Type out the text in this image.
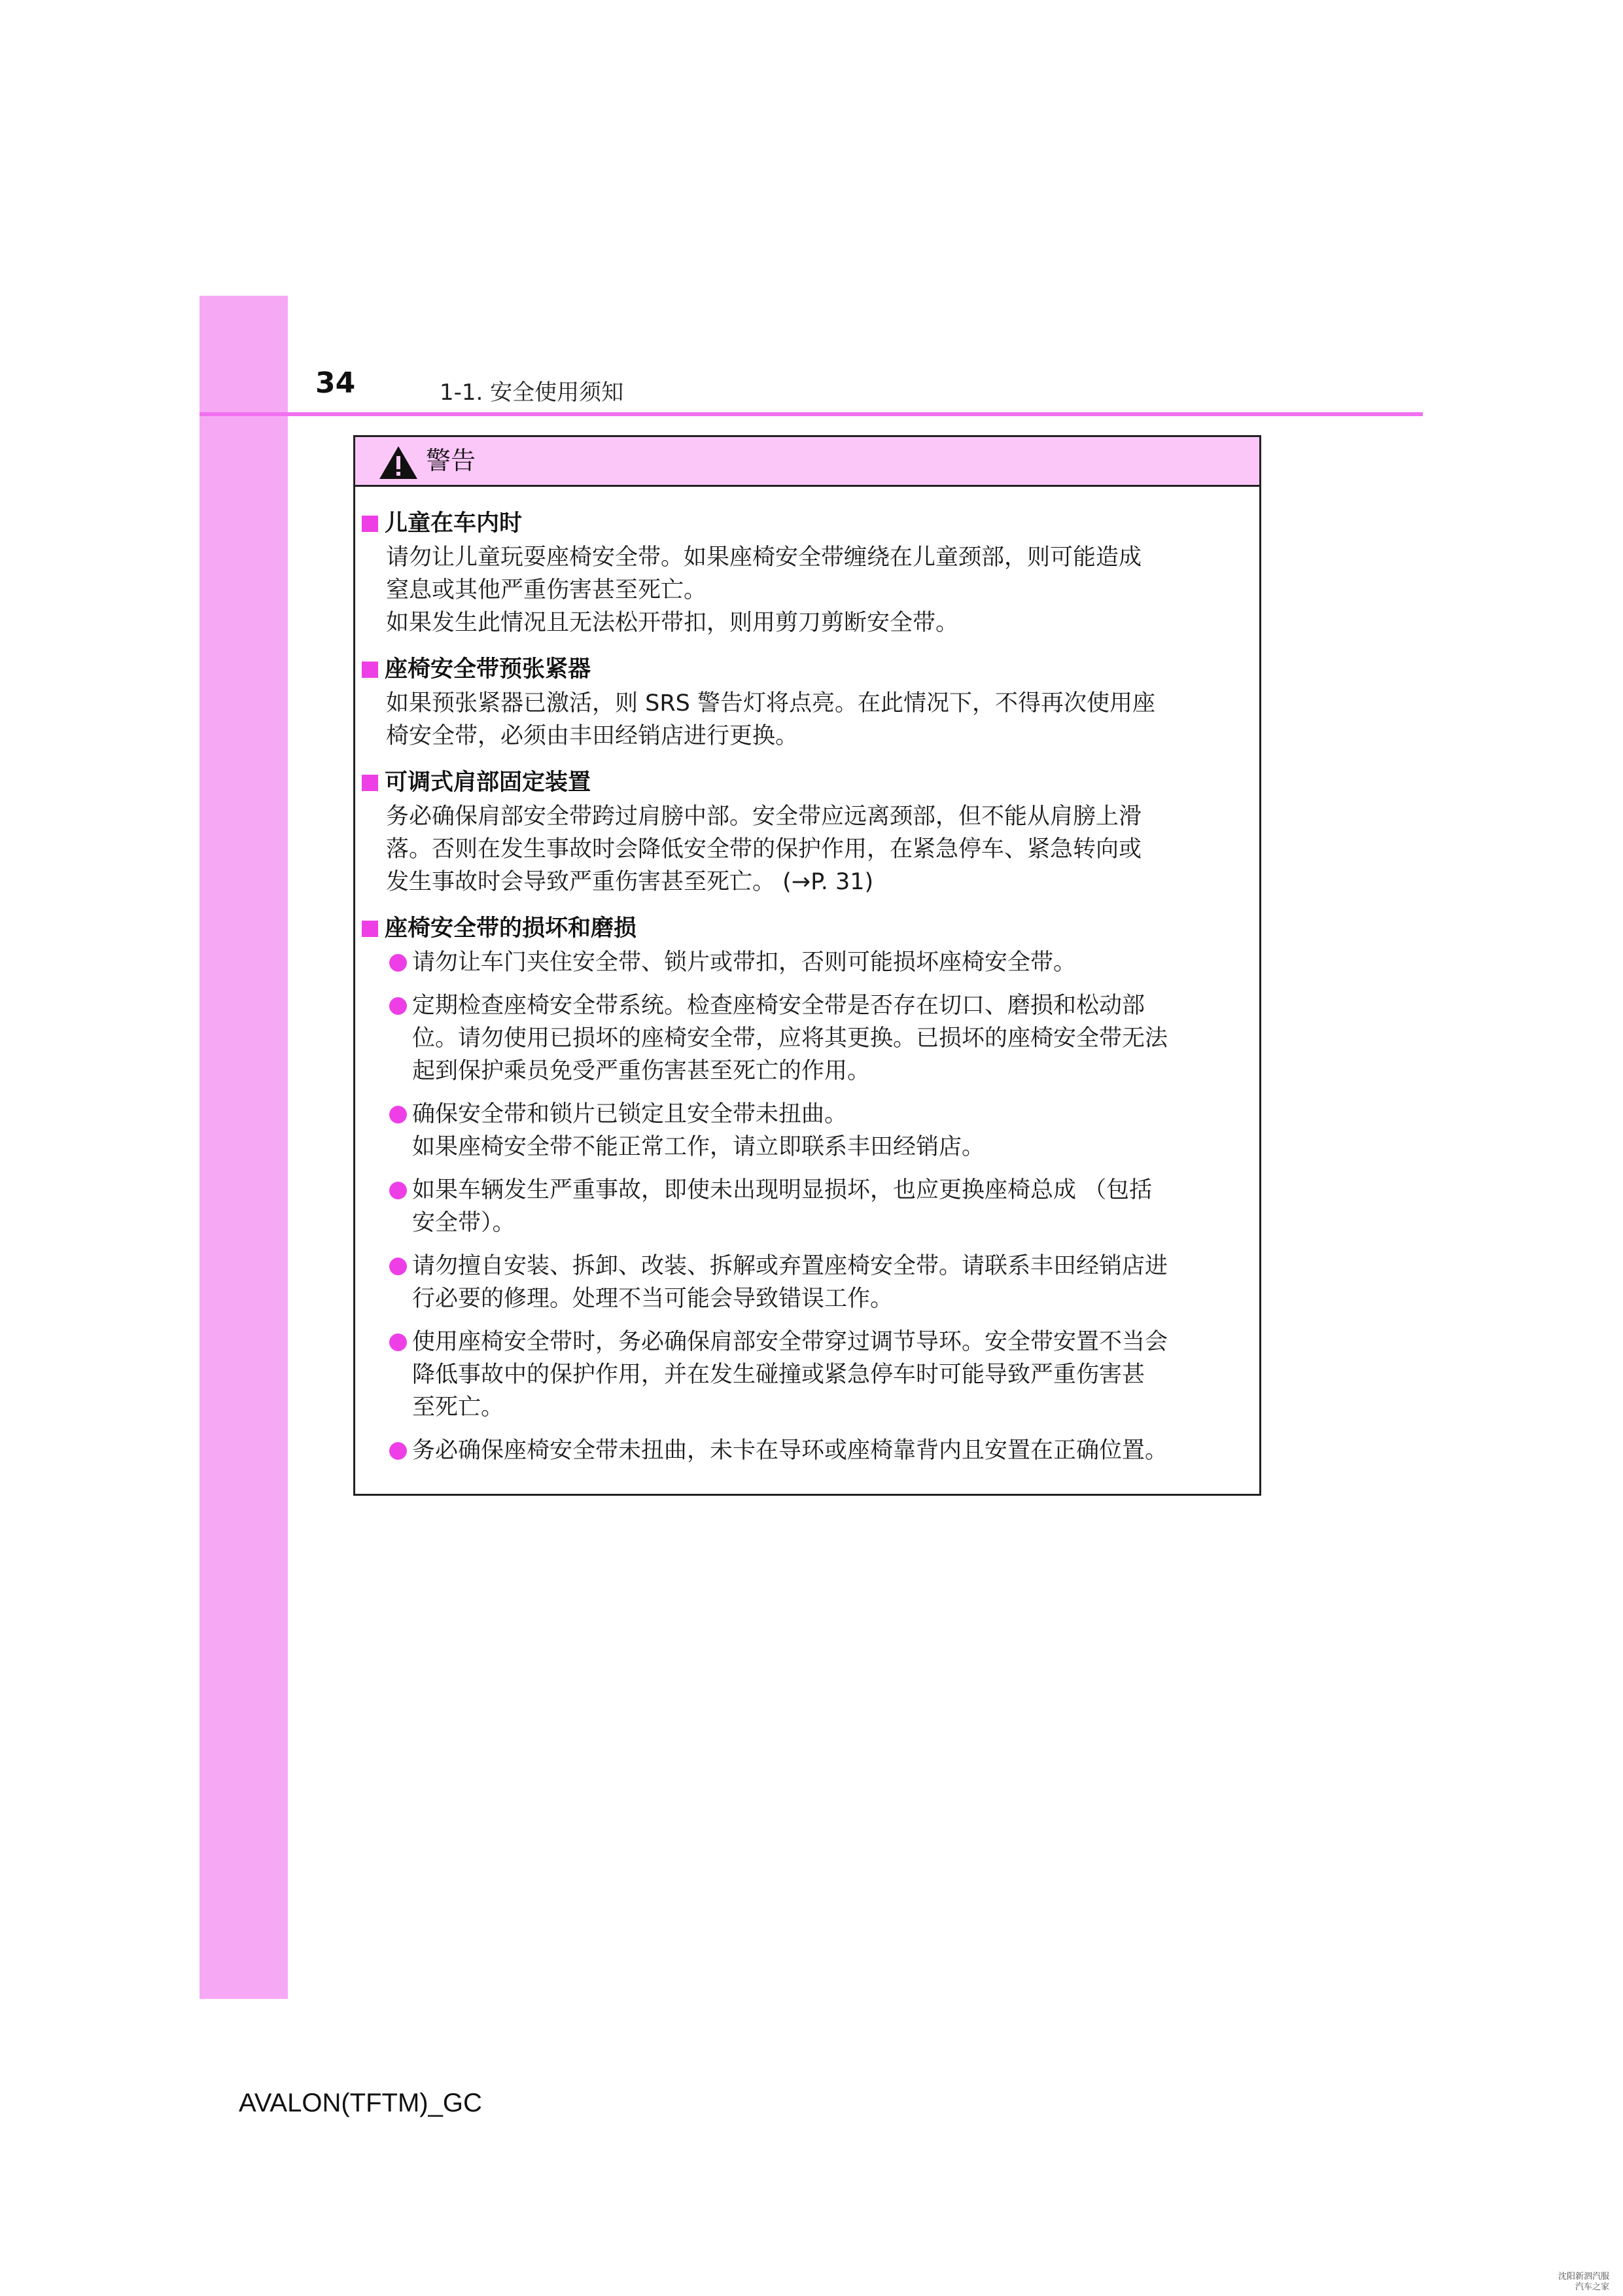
34	1-1. 安全使用须知
警告
儿童在车内时
请勿让儿童玩耍座椅安全带。如果座椅安全带缠绕在儿童颈部，则可能造成
窒息或其他严重伤害甚至死亡。
如果发生此情况且无法松开带扣，则用剪刀剪断安全带。
座椅安全带预张紧器
如果预张紧器已激活，则 SRS 警告灯将点亮。在此情况下，不得再次使用座
椅安全带，必须由丰田经销店进行更换。
可调式肩部固定装置
务必确保肩部安全带跨过肩膀中部。安全带应远离颈部，但不能从肩膀上滑
落。否则在发生事故时会降低安全带的保护作用，在紧急停车、紧急转向或
发生事故时会导致严重伤害甚至死亡。 (→P. 31)
座椅安全带的损坏和磨损
请勿让车门夹住安全带、锁片或带扣，否则可能损坏座椅安全带。
定期检查座椅安全带系统。检查座椅安全带是否存在切口、磨损和松动部
位。请勿使用已损坏的座椅安全带，应将其更换。已损坏的座椅安全带无法
起到保护乘员免受严重伤害甚至死亡的作用。
确保安全带和锁片已锁定且安全带未扭曲。
如果座椅安全带不能正常工作，请立即联系丰田经销店。
如果车辆发生严重事故，即使未出现明显损坏，也应更换座椅总成 （包括
安全带）。
请勿擅自安装、拆卸、改装、拆解或弃置座椅安全带。请联系丰田经销店进
行必要的修理。处理不当可能会导致错误工作。
使用座椅安全带时，务必确保肩部安全带穿过调节导环。安全带安置不当会
降低事故中的保护作用，并在发生碰撞或紧急停车时可能导致严重伤害甚
至死亡。
务必确保座椅安全带未扭曲，未卡在导环或座椅靠背内且安置在正确位置。
AVALON(TFTM)_GC
沈阳新泗汽服
汽车之家
